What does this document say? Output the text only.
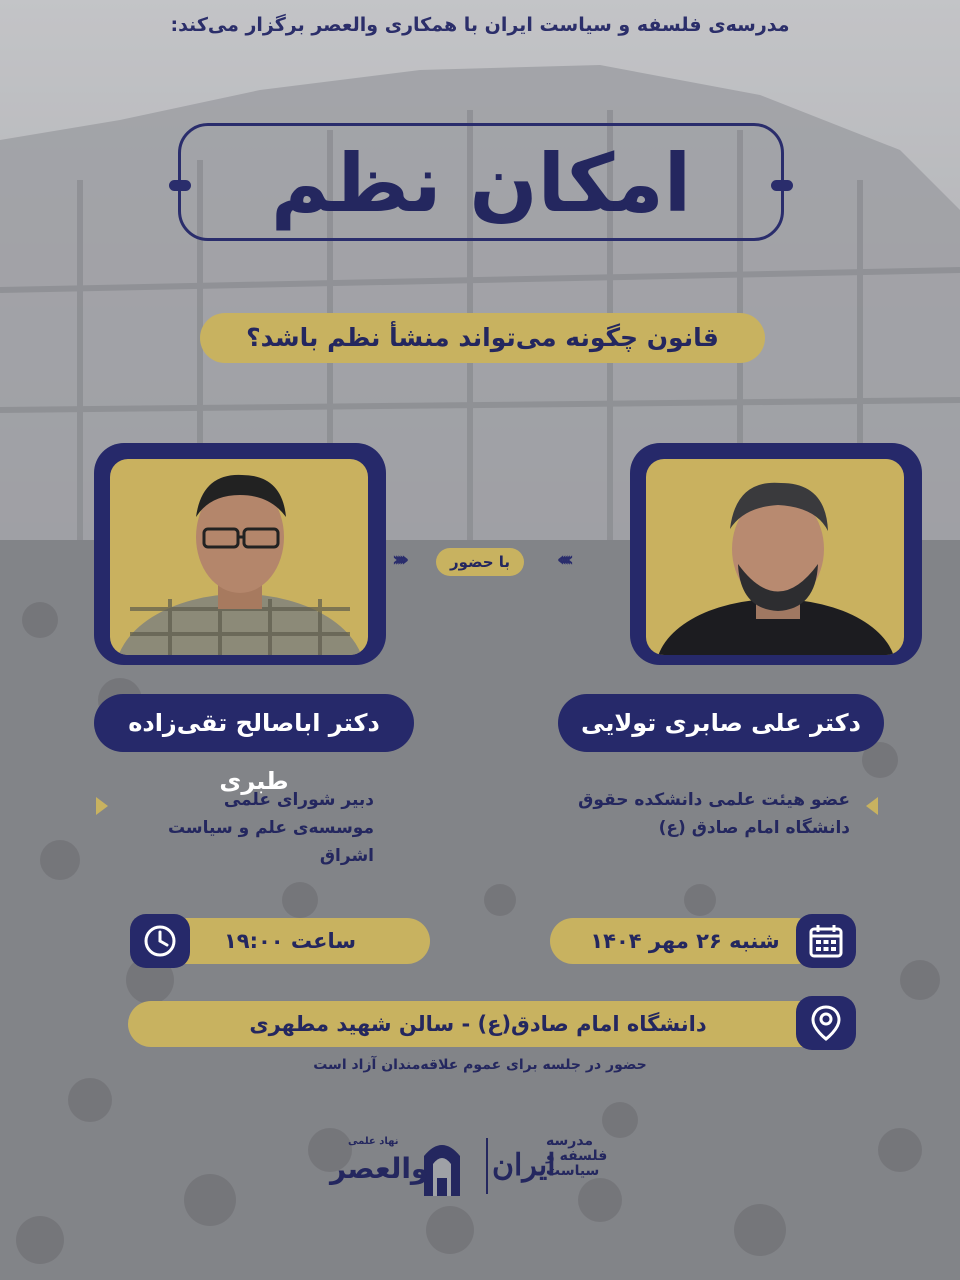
مدرسه‌ی فلسفه و سیاست ایران با همکاری والعصر برگزار می‌کند:
امکان نظم
قانون چگونه می‌تواند منشأ نظم باشد؟
‹‹‹‹‹	با حضور ›››››
دکتر علی صابری تولایی
دکتر اباصالح تقی‌زاده طبری
عضو هیئت علمی دانشکده حقوق
دانشگاه امام صادق (ع)
دبیر شورای علمی
موسسه‌ی علم و سیاست اشراق
شنبه ۲۶ مهر ۱۴۰۴
ساعت ۱۹:۰۰
دانشگاه امام صادق(ع) - سالن شهید مطهری
حضور در جلسه برای عموم علاقه‌مندان آزاد است
مدرسه
فلسفه و
سیاست
ایران
نهاد علمی
والعصر
